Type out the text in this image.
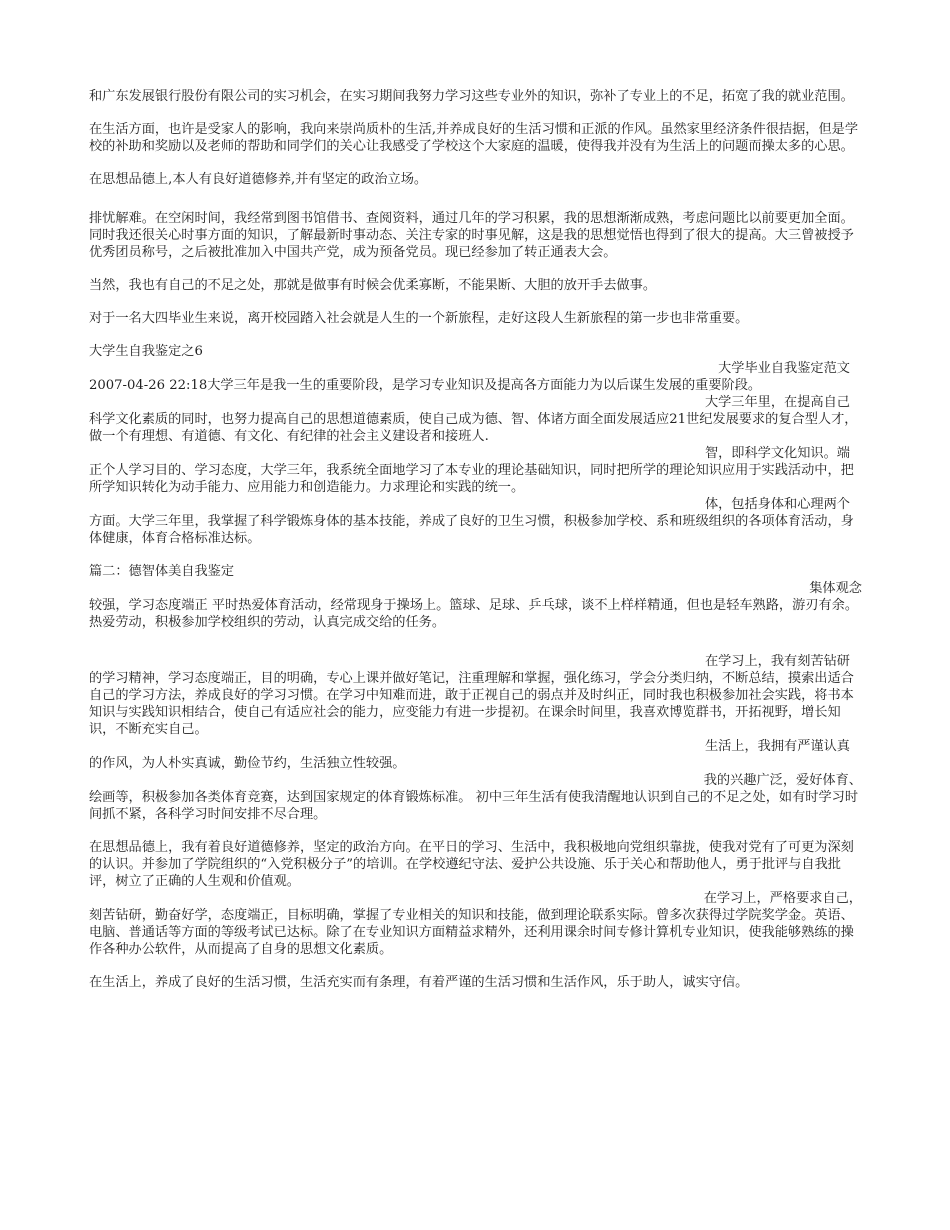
和广东发展银行股份有限公司的实习机会，在实习期间我努力学习这些专业外的知识，弥补了专业上的不足，拓宽了我的就业范围。

在生活方面，也许是受家人的影响，我向来崇尚质朴的生活,并养成良好的生活习惯和正派的作风。虽然家里经济条件很拮据，但是学校的补助和奖励以及老师的帮助和同学们的关心让我感受了学校这个大家庭的温暖，使得我并没有为生活上的问题而操太多的心思。

在思想品德上,本人有良好道德修养,并有坚定的政治立场。

排忧解难。在空闲时间，我经常到图书馆借书、查阅资料，通过几年的学习积累，我的思想渐渐成熟，考虑问题比以前要更加全面。同时我还很关心时事方面的知识，了解最新时事动态、关注专家的时事见解，这是我的思想觉悟也得到了很大的提高。大三曾被授予优秀团员称号，之后被批准加入中国共产党，成为预备党员。现已经参加了转正通表大会。

当然，我也有自己的不足之处，那就是做事有时候会优柔寡断，不能果断、大胆的放开手去做事。

对于一名大四毕业生来说，离开校园踏入社会就是人生的一个新旅程，走好这段人生新旅程的第一步也非常重要。

大学生自我鉴定之6

大学毕业自我鉴定范文

2007-04-26 22:18大学三年是我一生的重要阶段，是学习专业知识及提高各方面能力为以后谋生发展的重要阶段。

大学三年里，在提高自己

科学文化素质的同时，也努力提高自己的思想道德素质，使自己成为德、智、体诸方面全面发展适应21世纪发展要求的复合型人才，做一个有理想、有道德、有文化、有纪律的社会主义建设者和接班人.

智，即科学文化知识。端

正个人学习目的、学习态度，大学三年，我系统全面地学习了本专业的理论基础知识，同时把所学的理论知识应用于实践活动中，把所学知识转化为动手能力、应用能力和创造能力。力求理论和实践的统一。

体，包括身体和心理两个

方面。大学三年里，我掌握了科学锻炼身体的基本技能，养成了良好的卫生习惯，积极参加学校、系和班级组织的各项体育活动，身体健康，体育合格标准达标。

篇二：德智体美自我鉴定

集体观念

较强，学习态度端正 平时热爱体育活动，经常现身于操场上。篮球、足球、乒乓球，谈不上样样精通，但也是轻车熟路，游刃有余。热爱劳动，积极参加学校组织的劳动，认真完成交给的任务。

在学习上，我有刻苦钻研

的学习精神，学习态度端正，目的明确，专心上课并做好笔记，注重理解和掌握，强化练习，学会分类归纳，不断总结，摸索出适合自己的学习方法，养成良好的学习习惯。在学习中知难而进，敢于正视自己的弱点并及时纠正，同时我也积极参加社会实践，将书本知识与实践知识相结合，使自己有适应社会的能力，应变能力有进一步提初。在课余时间里，我喜欢博览群书，开拓视野，增长知识，不断充实自己。

生活上，我拥有严谨认真

的作风，为人朴实真诚，勤俭节约，生活独立性较强。

我的兴趣广泛，爱好体育、

绘画等，积极参加各类体育竞赛，达到国家规定的体育锻炼标准。 初中三年生活有使我清醒地认识到自己的不足之处，如有时学习时间抓不紧，各科学习时间安排不尽合理。

在思想品德上，我有着良好道德修养，坚定的政治方向。在平日的学习、生活中，我积极地向党组织靠拢，使我对党有了可更为深刻的认识。并参加了学院组织的“入党积极分子”的培训。在学校遵纪守法、爱护公共设施、乐于关心和帮助他人，勇于批评与自我批评，树立了正确的人生观和价值观。

在学习上，严格要求自己，

刻苦钻研，勤奋好学，态度端正，目标明确，掌握了专业相关的知识和技能，做到理论联系实际。曾多次获得过学院奖学金。英语、电脑、普通话等方面的等级考试已达标。除了在专业知识方面精益求精外，还利用课余时间专修计算机专业知识，使我能够熟练的操作各种办公软件，从而提高了自身的思想文化素质。

在生活上，养成了良好的生活习惯，生活充实而有条理，有着严谨的生活习惯和生活作风，乐于助人，诚实守信。
